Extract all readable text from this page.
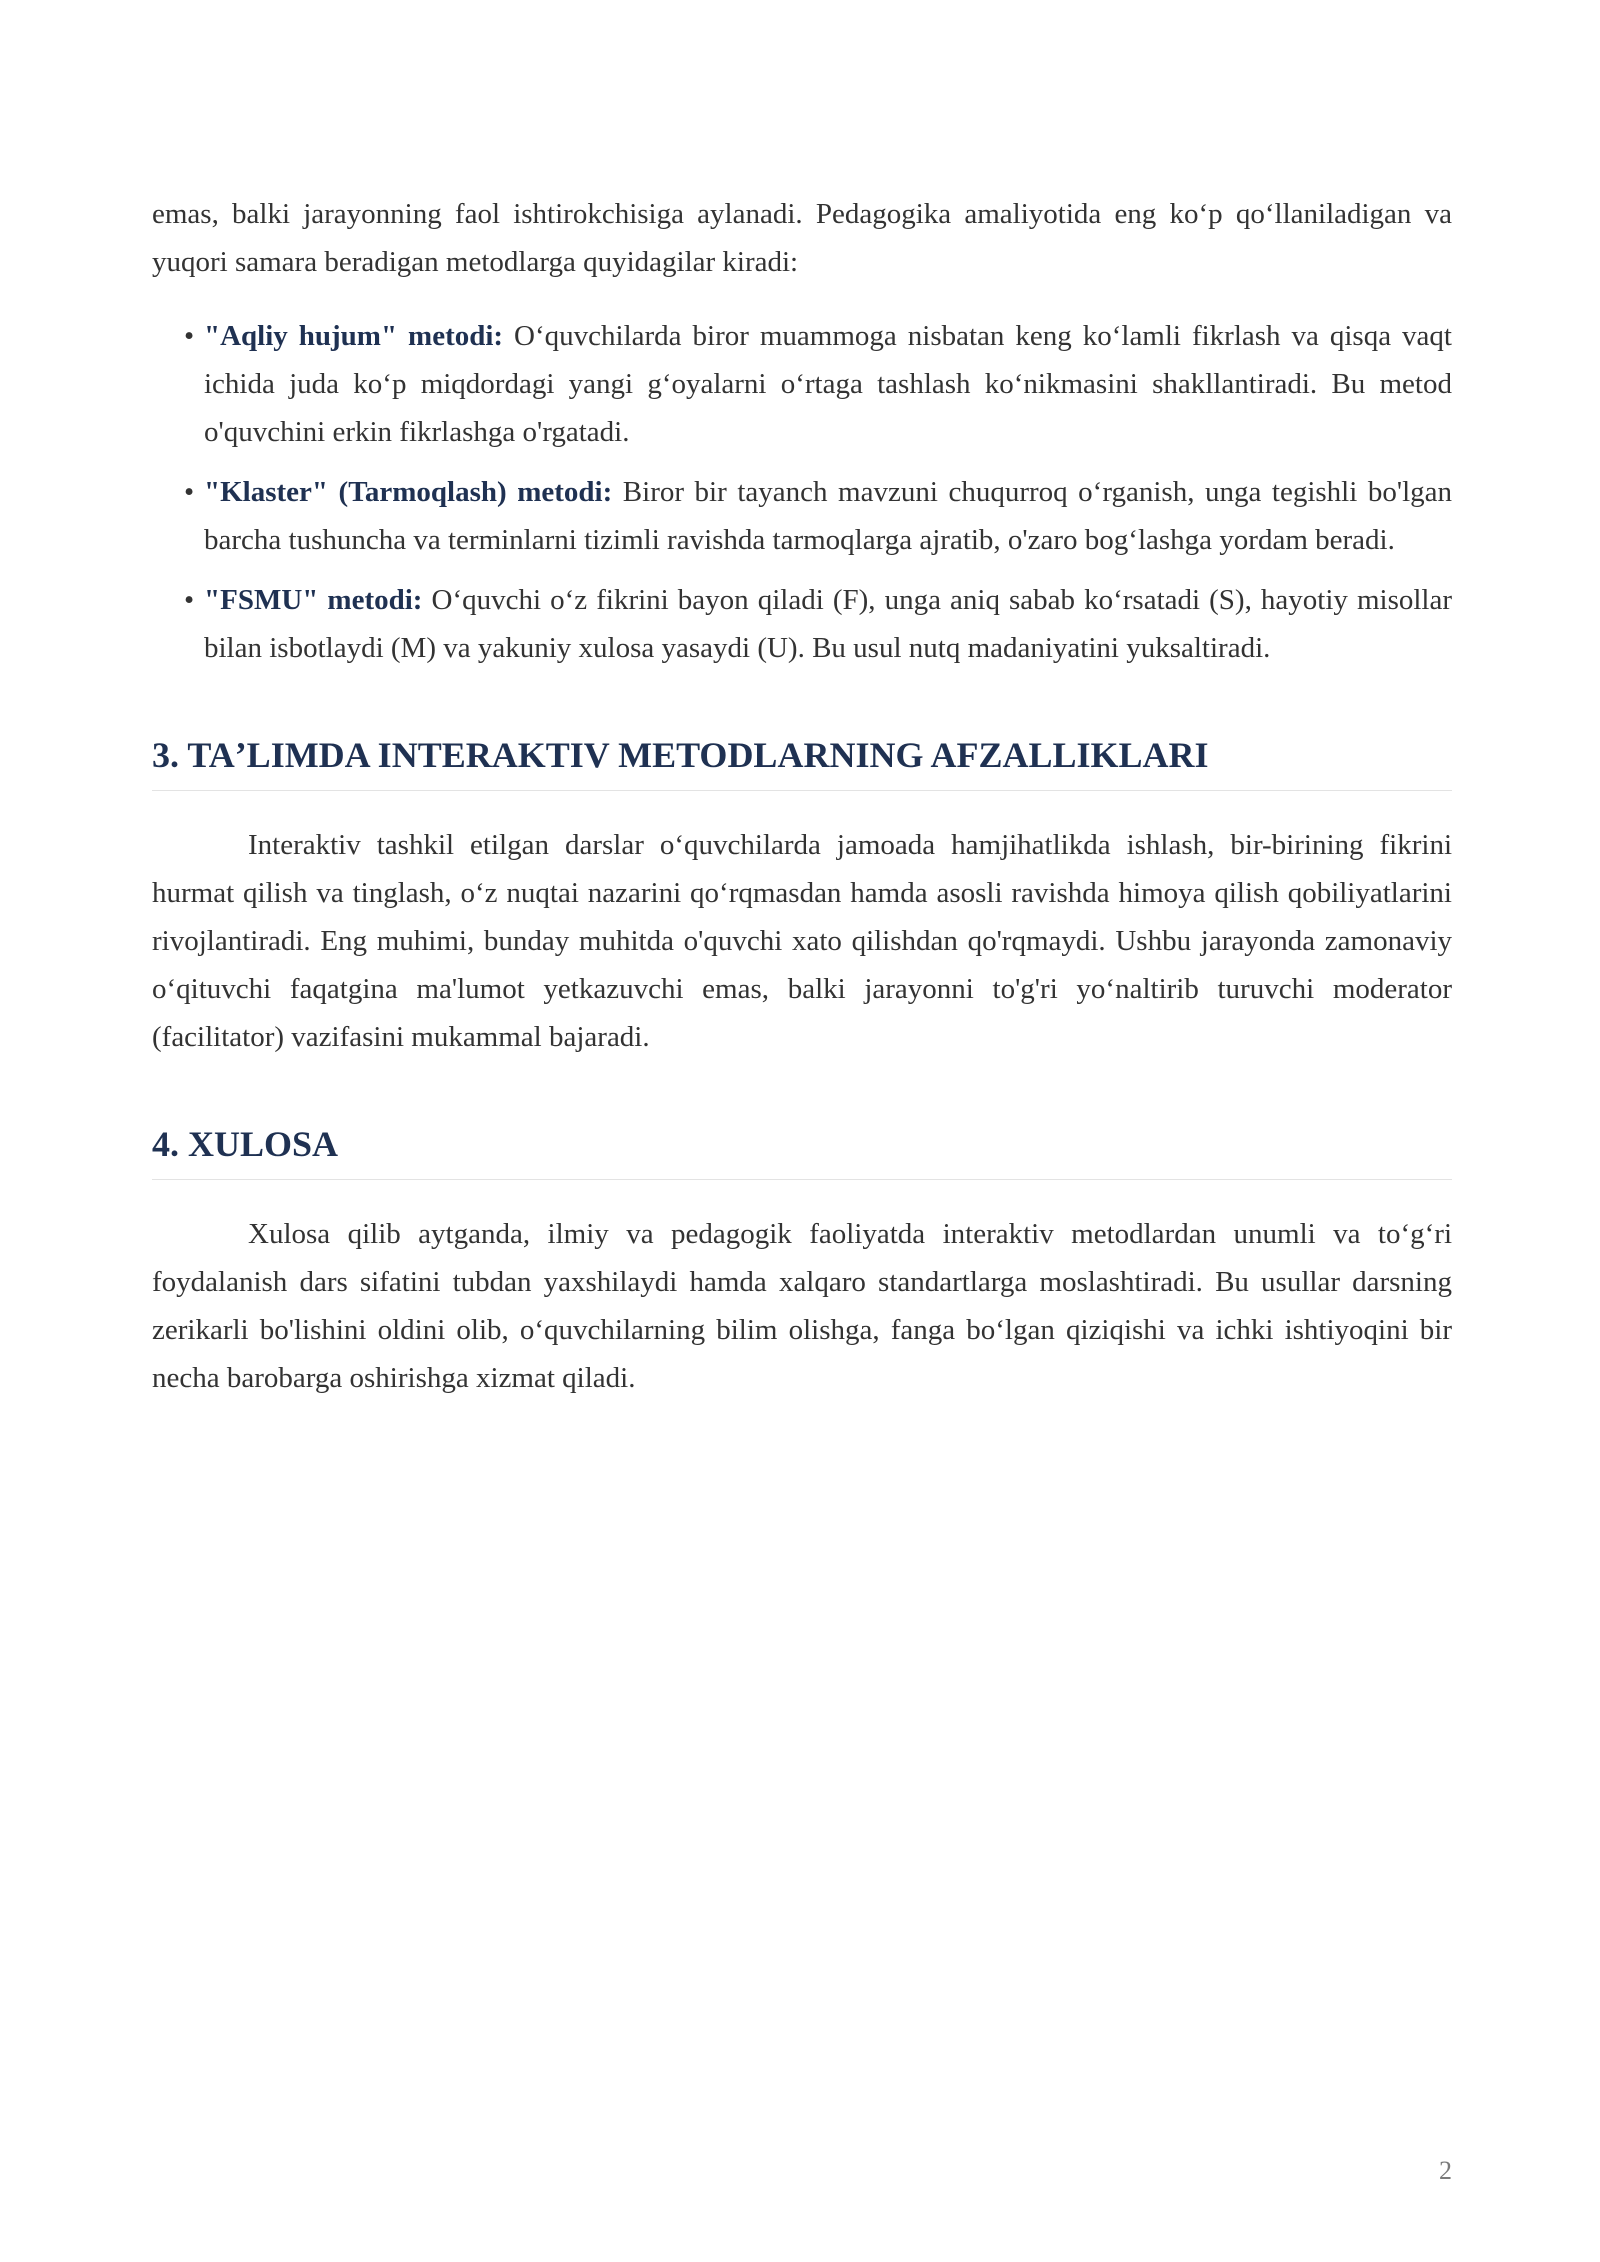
emas, balki jarayonning faol ishtirokchisiga aylanadi. Pedagogika amaliyotida eng koʻp qoʻllaniladigan va yuqori samara beradigan metodlarga quyidagilar kiradi:

• "Aqliy hujum" metodi: Oʻquvchilarda biror muammoga nisbatan keng koʻlamli fikrlash va qisqa vaqt ichida juda koʻp miqdordagi yangi gʻoyalarni oʻrtaga tashlash koʻnikmasini shakllantiradi. Bu metod o'quvchini erkin fikrlashga o'rgatadi.
• "Klaster" (Tarmoqlash) metodi: Biror bir tayanch mavzuni chuqurroq oʻrganish, unga tegishli bo'lgan barcha tushuncha va terminlarni tizimli ravishda tarmoqlarga ajratib, o'zaro bogʻlashga yordam beradi.
• "FSMU" metodi: Oʻquvchi oʻz fikrini bayon qiladi (F), unga aniq sabab koʻrsatadi (S), hayotiy misollar bilan isbotlaydi (M) va yakuniy xulosa yasaydi (U). Bu usul nutq madaniyatini yuksaltiradi.
3. TAʼLIMDA INTERAKTIV METODLARNING AFZALLIKLARI

Interaktiv tashkil etilgan darslar oʻquvchilarda jamoada hamjihatlikda ishlash, bir-birining fikrini hurmat qilish va tinglash, oʻz nuqtai nazarini qoʻrqmasdan hamda asosli ravishda himoya qilish qobiliyatlarini rivojlantiradi. Eng muhimi, bunday muhitda o'quvchi xato qilishdan qo'rqmaydi. Ushbu jarayonda zamonaviy oʻqituvchi faqatgina ma'lumot yetkazuvchi emas, balki jarayonni to'g'ri yoʻnaltirib turuvchi moderator (facilitator) vazifasini mukammal bajaradi.

4. XULOSA

Xulosa qilib aytganda, ilmiy va pedagogik faoliyatda interaktiv metodlardan unumli va toʻgʻri foydalanish dars sifatini tubdan yaxshilaydi hamda xalqaro standartlarga moslashtiradi. Bu usullar darsning zerikarli bo'lishini oldini olib, oʻquvchilarning bilim olishga, fanga boʻlgan qiziqishi va ichki ishtiyoqini bir necha barobarga oshirishga xizmat qiladi.

2
